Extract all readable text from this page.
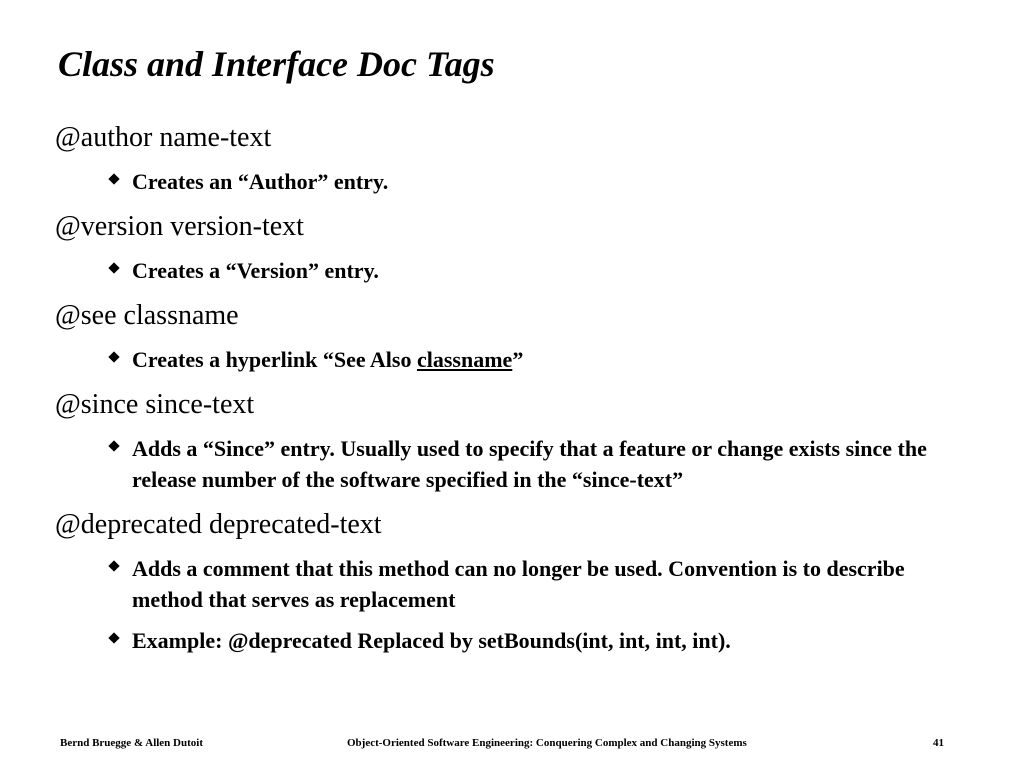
Class and Interface Doc Tags
@author name-text
Creates an “Author” entry.
@version version-text
Creates a “Version” entry.
@see classname
Creates a hyperlink “See Also classname”
@since since-text
Adds a “Since” entry. Usually used to specify that a feature or change exists since the release number of the software specified in the “since-text”
@deprecated deprecated-text
Adds a comment that this method can no longer be used. Convention is to describe method that serves as replacement
Example: @deprecated Replaced by setBounds(int, int, int, int).
Bernd Bruegge & Allen Dutoit	Object-Oriented Software Engineering: Conquering Complex and Changing Systems	41
